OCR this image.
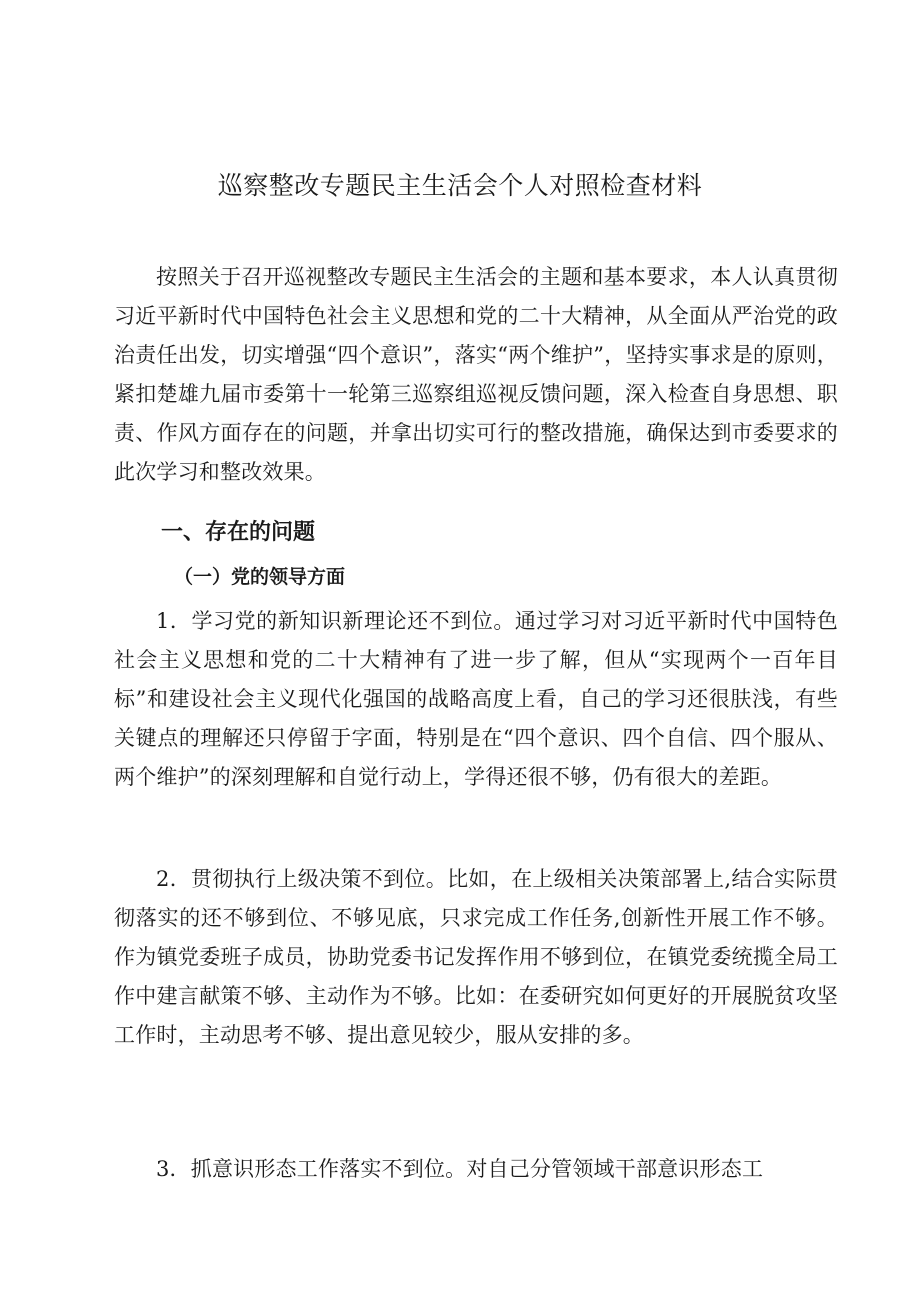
巡察整改专题民主生活会个人对照检查材料

按照关于召开巡视整改专题民主生活会的主题和基本要求，本人认真贯彻习近平新时代中国特色社会主义思想和党的二十大精神，从全面从严治党的政治责任出发，切实增强“四个意识”，落实“两个维护”，坚持实事求是的原则，紧扣楚雄九届市委第十一轮第三巡察组巡视反馈问题，深入检查自身思想、职责、作风方面存在的问题，并拿出切实可行的整改措施，确保达到市委要求的此次学习和整改效果。

一、存在的问题
（一）党的领导方面

1．学习党的新知识新理论还不到位。通过学习对习近平新时代中国特色社会主义思想和党的二十大精神有了进一步了解，但从“实现两个一百年目标”和建设社会主义现代化强国的战略高度上看，自己的学习还很肤浅，有些关键点的理解还只停留于字面，特别是在“四个意识、四个自信、四个服从、两个维护”的深刻理解和自觉行动上，学得还很不够，仍有很大的差距。

2．贯彻执行上级决策不到位。比如，在上级相关决策部署上,结合实际贯彻落实的还不够到位、不够见底，只求完成工作任务,创新性开展工作不够。作为镇党委班子成员，协助党委书记发挥作用不够到位，在镇党委统揽全局工作中建言献策不够、主动作为不够。比如：在委研究如何更好的开展脱贫攻坚工作时，主动思考不够、提出意见较少，服从安排的多。

3．抓意识形态工作落实不到位。对自己分管领域干部意识形态工
